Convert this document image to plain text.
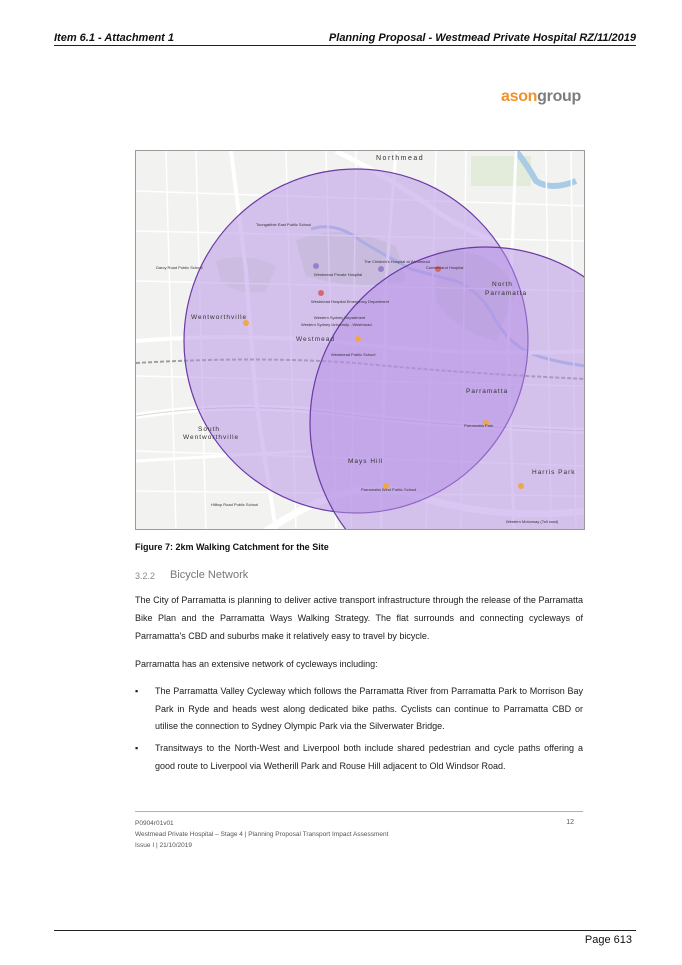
Item 6.1 - Attachment 1	Planning Proposal - Westmead Private Hospital RZ/11/2019
asongroup
Northmead
North
Parramatta
Wentworthville
Westmead
Parramatta
South
Wentworthville
Mays Hill
Harris Park
Westmead Private Hospital
Westmead Hospital Emergency Department
Western Sydney University - Westmead
Western Sydney Department
The Children's Hospital at Westmead
Cumberland Hospital
Parramatta Park
Parramatta West Public School
Hilltop Road Public School
Darcy Road Public School
Toongabbie East Public School
Westmead Public School
Western Motorway (Toll road)
Figure 7: 2km Walking Catchment for the Site
3.2.2 Bicycle Network
The City of Parramatta is planning to deliver active transport infrastructure through the release of the Parramatta Bike Plan and the Parramatta Ways Walking Strategy. The flat surrounds and connecting cycleways of Parramatta's CBD and suburbs make it relatively easy to travel by bicycle.
Parramatta has an extensive network of cycleways including:
▪ The Parramatta Valley Cycleway which follows the Parramatta River from Parramatta Park to Morrison Bay Park in Ryde and heads west along dedicated bike paths. Cyclists can continue to Parramatta CBD or utilise the connection to Sydney Olympic Park via the Silverwater Bridge.
▪ Transitways to the North-West and Liverpool both include shared pedestrian and cycle paths offering a good route to Liverpool via Wetherill Park and Rouse Hill adjacent to Old Windsor Road.
P0904r01v01
Westmead Private Hospital – Stage 4 | Planning Proposal Transport Impact Assessment
Issue I | 21/10/2019
12
Page 613
